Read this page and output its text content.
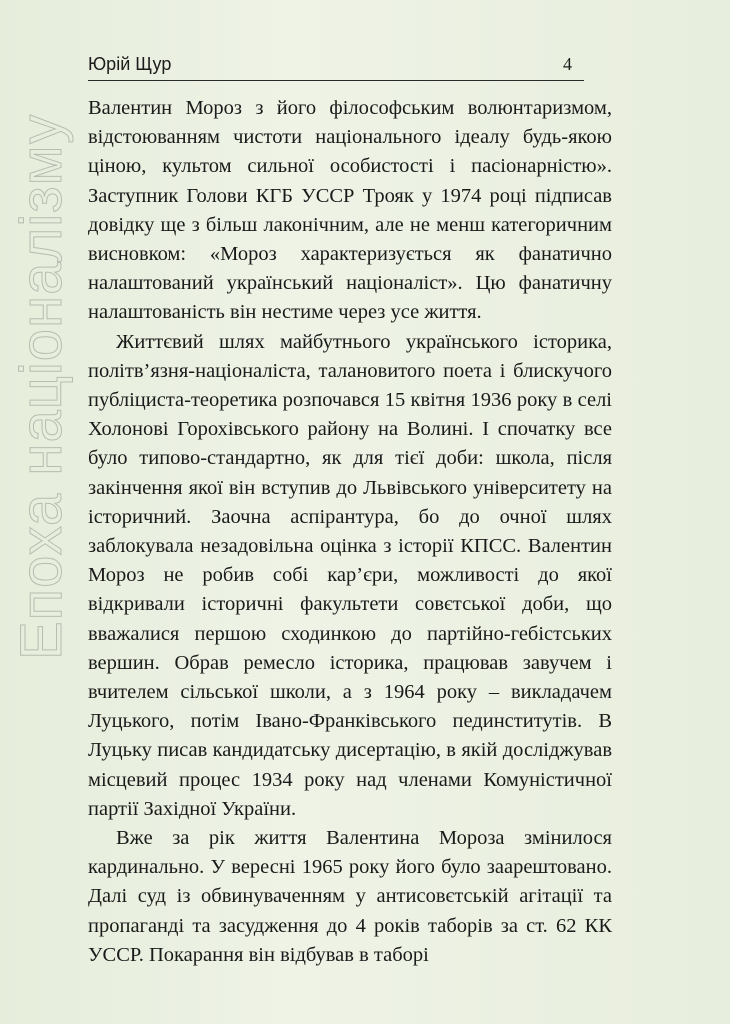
Юрій Щур	4
Епоха націоналізму

Валентин Мороз з його філософським волюнтаризмом, відстоюванням чистоти національного ідеалу будь-якою ціною, культом сильної особистості і пасіонарністю». Заступник Голови КГБ УССР Трояк у 1974 році підписав довідку ще з більш лаконічним, але не менш категоричним висновком: «Мороз характеризується як фанатично налаштований український націоналіст». Цю фанатичну налаштованість він нестиме через усе життя.

Життєвий шлях майбутнього українського історика, політв’язня-націоналіста, талановитого поета і блискучого публіциста-теоретика розпочався 15 квітня 1936 року в селі Холонові Горохівського району на Волині. І спочатку все було типово-стандартно, як для тієї доби: школа, після закінчення якої він вступив до Львівського університету на історичний. Заочна аспірантура, бо до очної шлях заблокувала незадовільна оцінка з історії КПСС. Валентин Мороз не робив собі кар’єри, можливості до якої відкривали історичні факультети совєтської доби, що вважалися першою сходинкою до партійно-гебістських вершин. Обрав ремесло історика, працював завучем і вчителем сільської школи, а з 1964 року – викладачем Луцького, потім Івано-Франківського пединститутів. В Луцьку писав кандидатську дисертацію, в якій досліджував місцевий процес 1934 року над членами Комуністичної партії Західної України.

Вже за рік життя Валентина Мороза змінилося кардинально. У вересні 1965 року його було заарештовано. Далі суд із обвинуваченням у антисовєтській агітації та пропаганді та засудження до 4 років таборів за ст. 62 КК УССР. Покарання він відбував в таборі
